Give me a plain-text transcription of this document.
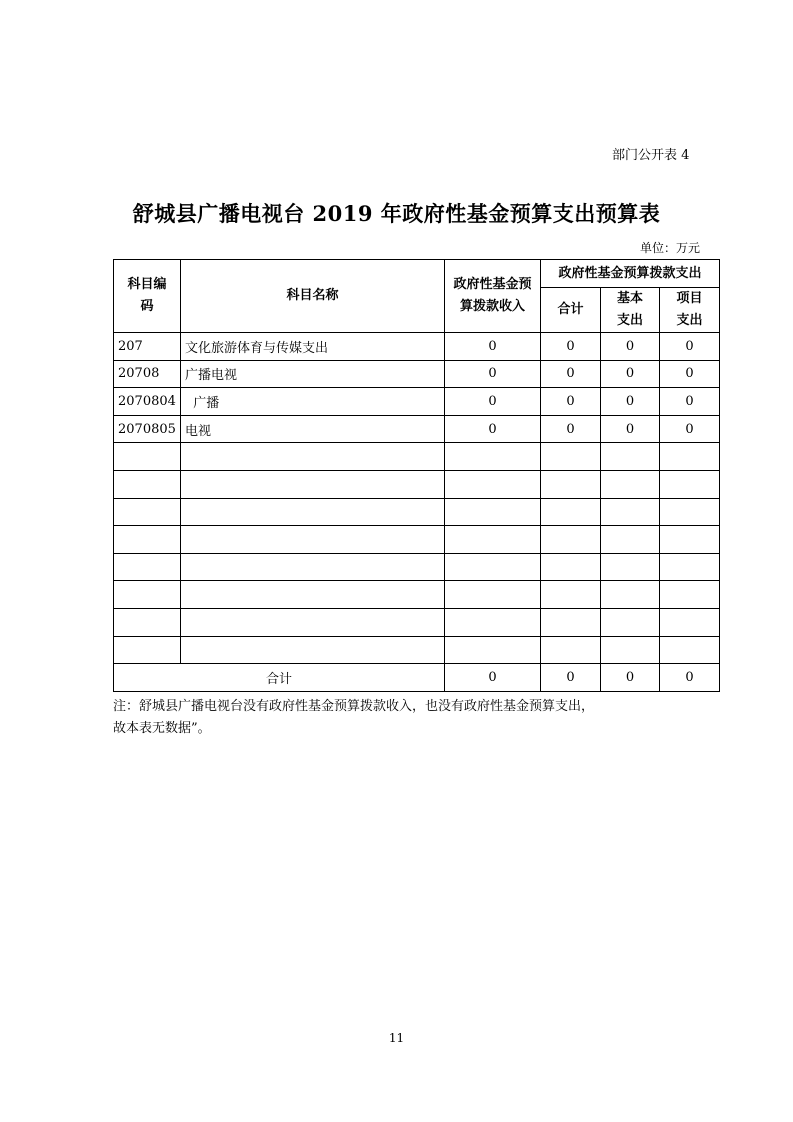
部门公开表 4
舒城县广播电视台 2019 年政府性基金预算支出预算表
单位：万元
科目编码	科目名称	政府性基金预算拨款收入	政府性基金预算拨款支出		
			合计	基本支出	项目支出
207	文化旅游体育与传媒支出	0	0	0	0
20708	广播电视	0	0	0	0
2070804	广播	0	0	0	0
2070805	电视	0	0	0	0

合计		0	0	0	0
注：舒城县广播电视台没有政府性基金预算拨款收入，也没有政府性基金预算支出，
故本表无数据”。
11
